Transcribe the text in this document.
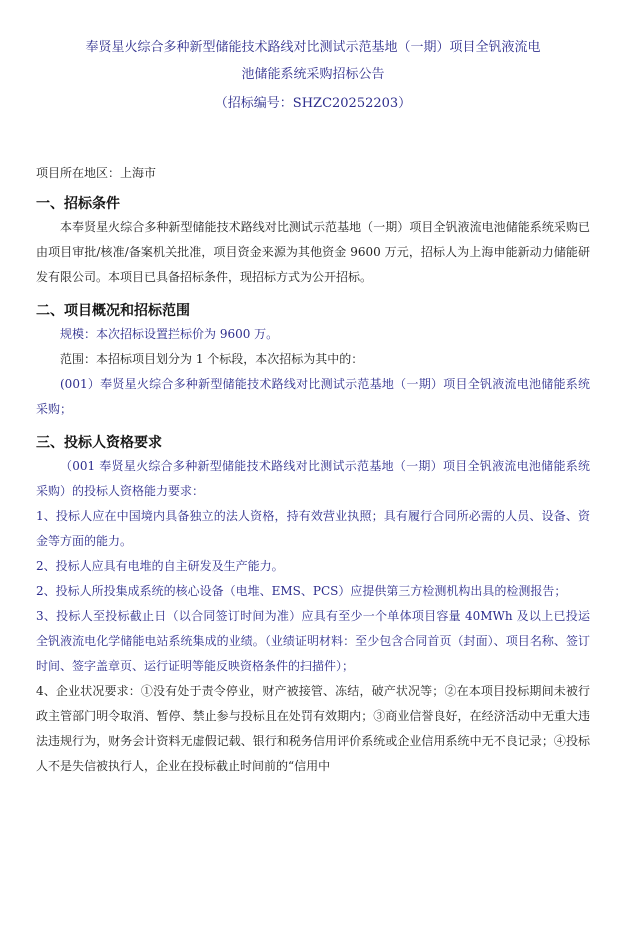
奉贤星火综合多种新型储能技术路线对比测试示范基地（一期）项目全钒液流电
池储能系统采购招标公告
（招标编号：SHZC20252203）
项目所在地区：上海市
一、招标条件
本奉贤星火综合多种新型储能技术路线对比测试示范基地（一期）项目全钒液流电池储能系统采购已由项目审批/核准/备案机关批准，项目资金来源为其他资金 9600 万元，招标人为上海申能新动力储能研发有限公司。本项目已具备招标条件，现招标方式为公开招标。
二、项目概况和招标范围
规模：本次招标设置拦标价为 9600 万。
范围：本招标项目划分为 1 个标段，本次招标为其中的：
(001）奉贤星火综合多种新型储能技术路线对比测试示范基地（一期）项目全钒液流电池储能系统采购；
三、投标人资格要求
（001 奉贤星火综合多种新型储能技术路线对比测试示范基地（一期）项目全钒液流电池储能系统采购）的投标人资格能力要求：
1、投标人应在中国境内具备独立的法人资格，持有效营业执照；具有履行合同所必需的人员、设备、资金等方面的能力。
2、投标人应具有电堆的自主研发及生产能力。
2、投标人所投集成系统的核心设备（电堆、EMS、PCS）应提供第三方检测机构出具的检测报告；
3、投标人至投标截止日（以合同签订时间为准）应具有至少一个单体项目容量 40MWh 及以上已投运全钒液流电化学储能电站系统集成的业绩。（业绩证明材料：至少包含合同首页（封面）、项目名称、签订时间、签字盖章页、运行证明等能反映资格条件的扫描件）；
4、企业状况要求：①没有处于责令停业，财产被接管、冻结，破产状况等；②在本项目投标期间未被行政主管部门明令取消、暂停、禁止参与投标且在处罚有效期内；③商业信誉良好，在经济活动中无重大违法违规行为，财务会计资料无虚假记载、银行和税务信用评价系统或企业信用系统中无不良记录；④投标人不是失信被执行人，企业在投标截止时间前的“信用中
